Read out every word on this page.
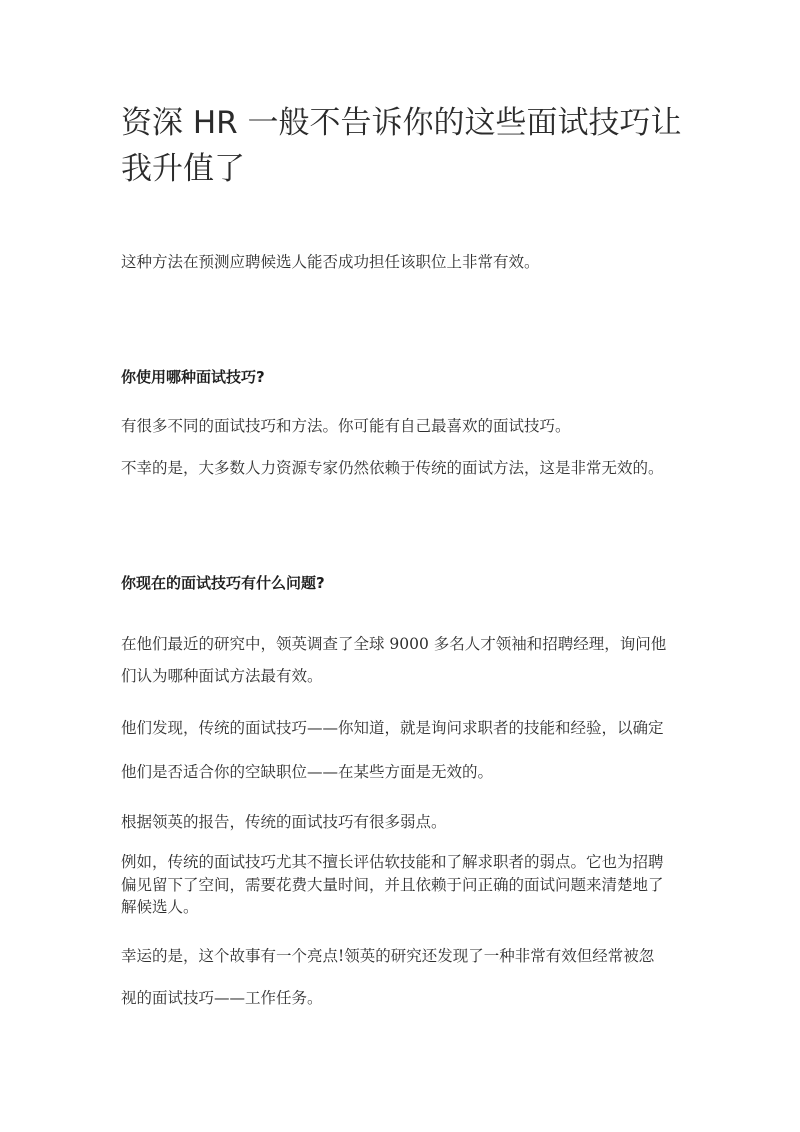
资深 HR 一般不告诉你的这些面试技巧让
我升值了

这种方法在预测应聘候选人能否成功担任该职位上非常有效。

你使用哪种面试技巧?

有很多不同的面试技巧和方法。你可能有自己最喜欢的面试技巧。

不幸的是，大多数人力资源专家仍然依赖于传统的面试方法，这是非常无效的。

你现在的面试技巧有什么问题?

在他们最近的研究中，领英调查了全球 9000 多名人才领袖和招聘经理，询问他

们认为哪种面试方法最有效。

他们发现，传统的面试技巧——你知道，就是询问求职者的技能和经验，以确定

他们是否适合你的空缺职位——在某些方面是无效的。

根据领英的报告，传统的面试技巧有很多弱点。

例如，传统的面试技巧尤其不擅长评估软技能和了解求职者的弱点。它也为招聘

偏见留下了空间，需要花费大量时间，并且依赖于问正确的面试问题来清楚地了

解候选人。

幸运的是，这个故事有一个亮点!领英的研究还发现了一种非常有效但经常被忽

视的面试技巧——工作任务。
